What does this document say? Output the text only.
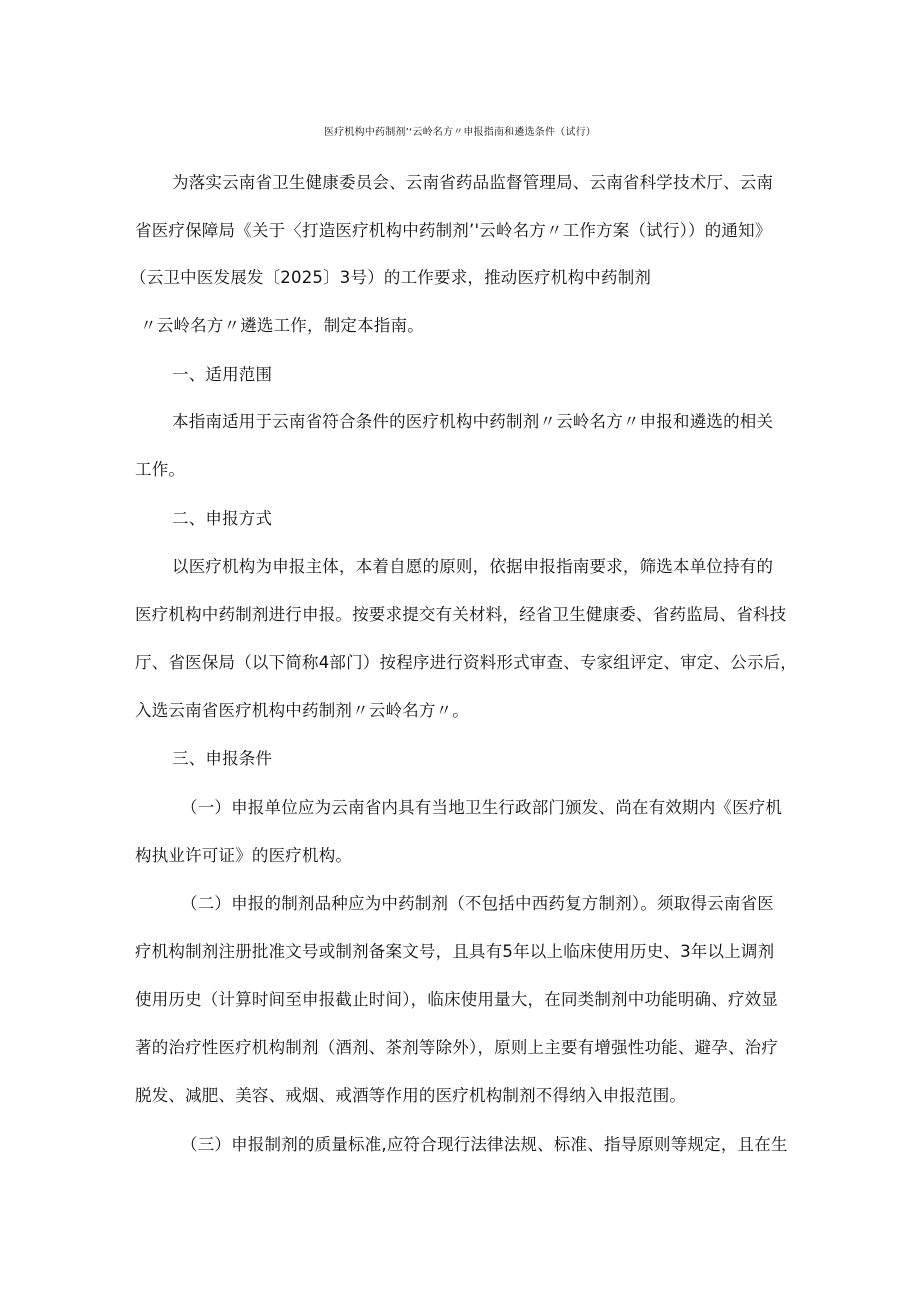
医疗机构中药制剂’‘云岭名方〃申报指南和遴选条件（试行）
为落实云南省卫生健康委员会、云南省药品监督管理局、云南省科学技术厅、云南
省医疗保障局《关于〈打造医疗机构中药制剂’'云岭名方〃工作方案（试行））的通知》
（云卫中医发展发〔2025〕3号）的工作要求，推动医疗机构中药制剂
〃云岭名方〃遴选工作，制定本指南。
一、适用范围
本指南适用于云南省符合条件的医疗机构中药制剂〃云岭名方〃申报和遴选的相关
工作。
二、申报方式
以医疗机构为申报主体，本着自愿的原则，依据申报指南要求，筛选本单位持有的
医疗机构中药制剂进行申报。按要求提交有关材料，经省卫生健康委、省药监局、省科技
厅、省医保局（以下简称4部门）按程序进行资料形式审查、专家组评定、审定、公示后，
入选云南省医疗机构中药制剂〃云岭名方〃。
三、申报条件
（一）申报单位应为云南省内具有当地卫生行政部门颁发、尚在有效期内《医疗机
构执业许可证》的医疗机构。
（二）申报的制剂品种应为中药制剂（不包括中西药复方制剂）。须取得云南省医
疗机构制剂注册批准文号或制剂备案文号，且具有5年以上临床使用历史、3年以上调剂
使用历史（计算时间至申报截止时间），临床使用量大，在同类制剂中功能明确、疗效显
著的治疗性医疗机构制剂（酒剂、茶剂等除外），原则上主要有增强性功能、避孕、治疗
脱发、减肥、美容、戒烟、戒酒等作用的医疗机构制剂不得纳入申报范围。
（三）申报制剂的质量标准,应符合现行法律法规、标准、指导原则等规定，且在生
